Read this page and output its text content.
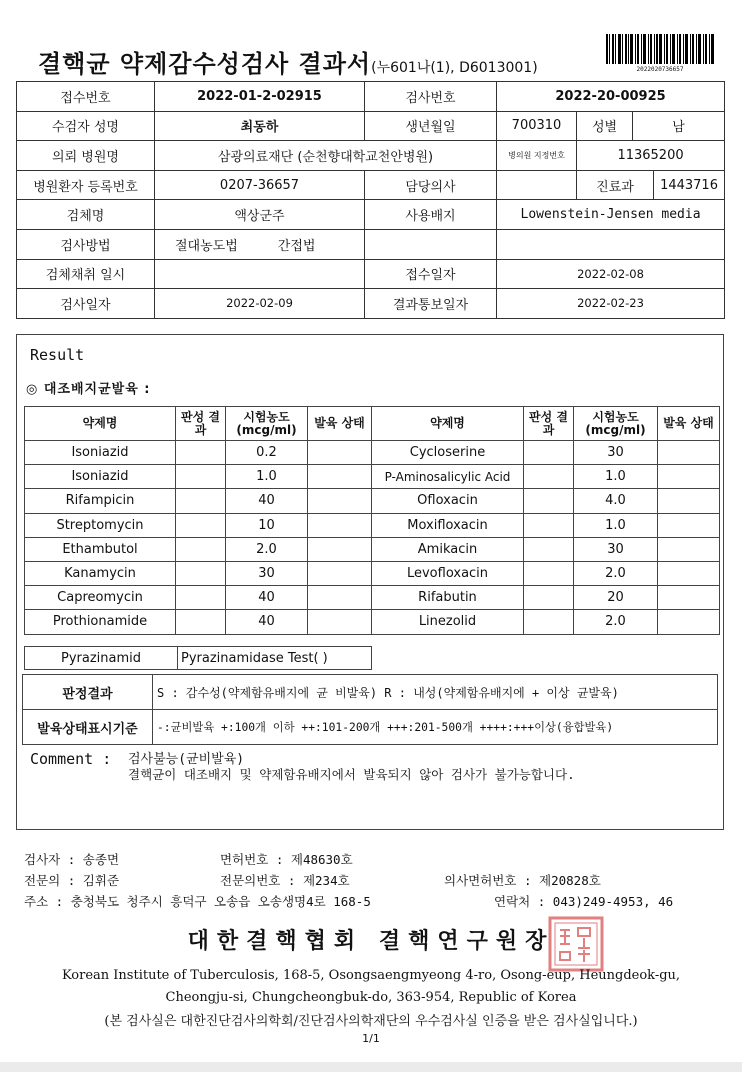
결핵균 약제감수성검사 결과서(누601나(1), D6013001)	2022020736657
접수번호	2022-01-2-02915	검사번호	2022-20-00925			
수검자 성명	최동하	생년월일	700310	성별	남	
의뢰 병원명	삼광의료재단 (순천향대학교천안병원)		병의원 지정번호	11365200		
병원환자 등록번호	0207-36657	담당의사		진료과		1443716
검체명	액상군주	사용배지	Lowenstein-Jensen media			
검사방법	절대농도법 간접법					
검체채취 일시		접수일자	2022-02-08			
검사일자	2022-02-09	결과통보일자	2022-02-23			
Result
◎ 대조배지균발육 :
약제명	판성 결과	시험농도 (mcg/ml)	발육 상태	약제명	판성 결과	시험농도 (mcg/ml)	발육 상태
Isoniazid		0.2		Cycloserine		30	
Isoniazid		1.0		P-Aminosalicylic Acid		1.0	
Rifampicin		40		Ofloxacin		4.0	
Streptomycin		10		Moxifloxacin		1.0	
Ethambutol		2.0		Amikacin		30	
Kanamycin		30		Levofloxacin		2.0	
Capreomycin		40		Rifabutin		20	
Prothionamide		40		Linezolid		2.0	
Pyrazinamid	Pyrazinamidase Test( )
판정결과	S : 감수성(약제함유배지에 균 비발육) R : 내성(약제함유배지에 + 이상 균발육)
발육상태표시기준	-:균비발육 +:100개 이하 ++:101-200개 +++:201-500개 ++++:+++이상(융합발육)
Comment : 검사불능(균비발육)
결핵균이 대조배지 및 약제함유배지에서 발육되지 않아 검사가 불가능합니다.
검사자 : 송종면	면허번호 : 제48630호
전문의 : 김휘준	전문의번호 : 제234호	의사면허번호 : 제20828호
주소 : 충청북도 청주시 흥덕구 오송읍 오송생명4로 168-5	연락처 : 043)249-4953, 46
대한결핵협회 결핵연구원장
Korean Institute of Tuberculosis, 168-5, Osongsaengmyeong 4-ro, Osong-eup, Heungdeok-gu,
Cheongju-si, Chungcheongbuk-do, 363-954, Republic of Korea
(본 검사실은 대한진단검사의학회/진단검사의학재단의 우수검사실 인증을 받은 검사실입니다.)
1/1
